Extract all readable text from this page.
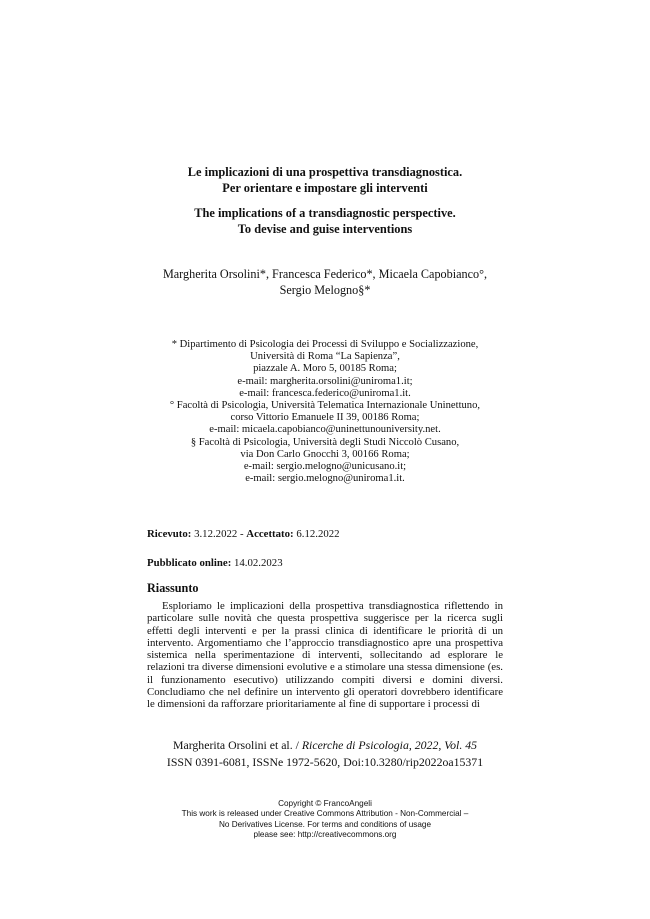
Le implicazioni di una prospettiva transdiagnostica.
Per orientare e impostare gli interventi
The implications of a transdiagnostic perspective.
To devise and guise interventions
Margherita Orsolini*, Francesca Federico*, Micaela Capobianco°,
Sergio Melogno§*
* Dipartimento di Psicologia dei Processi di Sviluppo e Socializzazione,
Università di Roma “La Sapienza”,
piazzale A. Moro 5, 00185 Roma;
e-mail: margherita.orsolini@uniroma1.it;
e-mail: francesca.federico@uniroma1.it.
° Facoltà di Psicologia, Università Telematica Internazionale Uninettuno,
corso Vittorio Emanuele II 39, 00186 Roma;
e-mail: micaela.capobianco@uninettunouniversity.net.
§ Facoltà di Psicologia, Università degli Studi Niccolò Cusano,
via Don Carlo Gnocchi 3, 00166 Roma;
e-mail: sergio.melogno@unicusano.it;
e-mail: sergio.melogno@uniroma1.it.
Ricevuto: 3.12.2022 - Accettato: 6.12.2022
Pubblicato online: 14.02.2023
Riassunto

Esploriamo le implicazioni della prospettiva transdiagnostica riflettendo in particolare sulle novità che questa prospettiva suggerisce per la ricerca sugli effetti degli interventi e per la prassi clinica di identificare le priorità di un intervento. Argomentiamo che l’approccio transdiagnostico apre una prospettiva sistemica nella sperimentazione di interventi, sollecitando ad esplorare le relazioni tra diverse dimensioni evolutive e a stimolare una stessa dimensione (es. il funzionamento esecutivo) utilizzando compiti diversi e domini diversi. Concludiamo che nel definire un intervento gli operatori dovrebbero identificare le dimensioni da rafforzare prioritariamente al fine di supportare i processi di

Margherita Orsolini et al. / Ricerche di Psicologia, 2022, Vol. 45
ISSN 0391-6081, ISSNe 1972-5620, Doi:10.3280/rip2022oa15371
Copyright © FrancoAngeli
This work is released under Creative Commons Attribution - Non-Commercial –
No Derivatives License. For terms and conditions of usage
please see: http://creativecommons.org
